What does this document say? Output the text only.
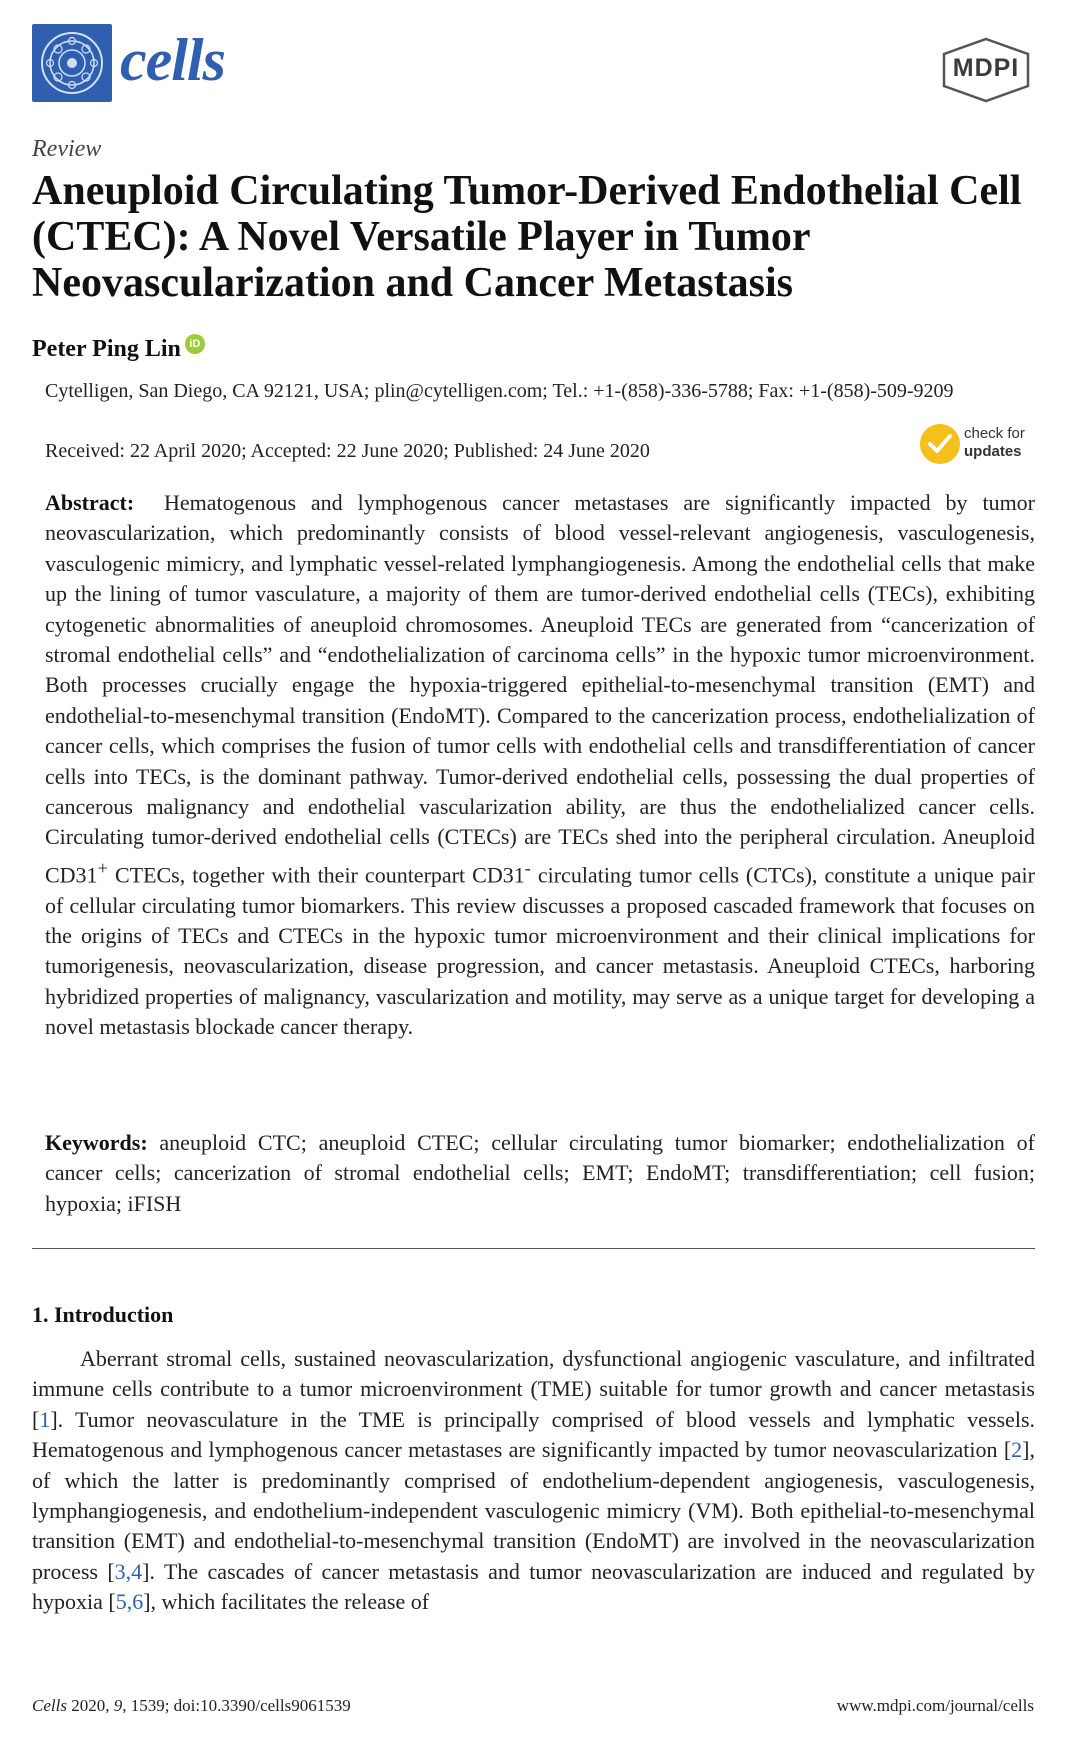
cells	MDPI
Review
Aneuploid Circulating Tumor-Derived Endothelial Cell (CTEC): A Novel Versatile Player in Tumor Neovascularization and Cancer Metastasis
Peter Ping Lin iD
Cytelligen, San Diego, CA 92121, USA; plin@cytelligen.com; Tel.: +1-(858)-336-5788; Fax: +1-(858)-509-9209
Received: 22 April 2020; Accepted: 22 June 2020; Published: 24 June 2020
check for
updates
Abstract: Hematogenous and lymphogenous cancer metastases are significantly impacted by tumor neovascularization, which predominantly consists of blood vessel-relevant angiogenesis, vasculogenesis, vasculogenic mimicry, and lymphatic vessel-related lymphangiogenesis. Among the endothelial cells that make up the lining of tumor vasculature, a majority of them are tumor-derived endothelial cells (TECs), exhibiting cytogenetic abnormalities of aneuploid chromosomes. Aneuploid TECs are generated from “cancerization of stromal endothelial cells” and “endothelialization of carcinoma cells” in the hypoxic tumor microenvironment. Both processes crucially engage the hypoxia-triggered epithelial-to-mesenchymal transition (EMT) and endothelial-to-mesenchymal transition (EndoMT). Compared to the cancerization process, endothelialization of cancer cells, which comprises the fusion of tumor cells with endothelial cells and transdifferentiation of cancer cells into TECs, is the dominant pathway. Tumor-derived endothelial cells, possessing the dual properties of cancerous malignancy and endothelial vascularization ability, are thus the endothelialized cancer cells. Circulating tumor-derived endothelial cells (CTECs) are TECs shed into the peripheral circulation. Aneuploid CD31+ CTECs, together with their counterpart CD31- circulating tumor cells (CTCs), constitute a unique pair of cellular circulating tumor biomarkers. This review discusses a proposed cascaded framework that focuses on the origins of TECs and CTECs in the hypoxic tumor microenvironment and their clinical implications for tumorigenesis, neovascularization, disease progression, and cancer metastasis. Aneuploid CTECs, harboring hybridized properties of malignancy, vascularization and motility, may serve as a unique target for developing a novel metastasis blockade cancer therapy.
Keywords: aneuploid CTC; aneuploid CTEC; cellular circulating tumor biomarker; endothelialization of cancer cells; cancerization of stromal endothelial cells; EMT; EndoMT; transdifferentiation; cell fusion; hypoxia; iFISH
1. Introduction
Aberrant stromal cells, sustained neovascularization, dysfunctional angiogenic vasculature, and infiltrated immune cells contribute to a tumor microenvironment (TME) suitable for tumor growth and cancer metastasis [1]. Tumor neovasculature in the TME is principally comprised of blood vessels and lymphatic vessels. Hematogenous and lymphogenous cancer metastases are significantly impacted by tumor neovascularization [2], of which the latter is predominantly comprised of endothelium-dependent angiogenesis, vasculogenesis, lymphangiogenesis, and endothelium-independent vasculogenic mimicry (VM). Both epithelial-to-mesenchymal transition (EMT) and endothelial-to-mesenchymal transition (EndoMT) are involved in the neovascularization process [3,4]. The cascades of cancer metastasis and tumor neovascularization are induced and regulated by hypoxia [5,6], which facilitates the release of
Cells 2020, 9, 1539; doi:10.3390/cells9061539	www.mdpi.com/journal/cells
